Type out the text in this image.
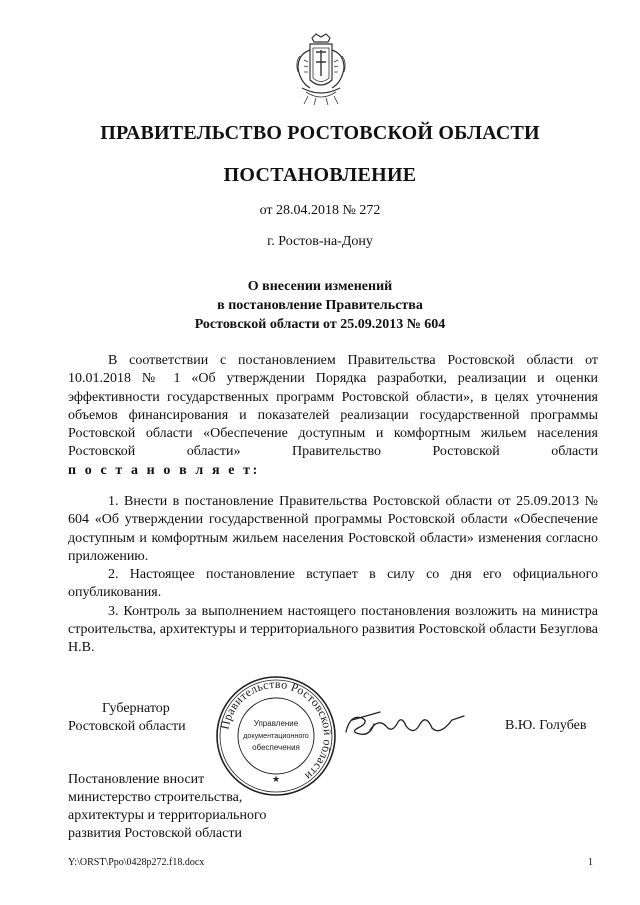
ПРАВИТЕЛЬСТВО РОСТОВСКОЙ ОБЛАСТИ
ПОСТАНОВЛЕНИЕ
от 28.04.2018 № 272
г. Ростов-на-Дону
О внесении изменений
в постановление Правительства
Ростовской области от 25.09.2013 № 604

В соответствии с постановлением Правительства Ростовской области от 10.01.2018 № 1 «Об утверждении Порядка разработки, реализации и оценки эффективности государственных программ Ростовской области», в целях уточнения объемов финансирования и показателей реализации государственной программы Ростовской области «Обеспечение доступным и комфортным жильем населения Ростовской области» Правительство Ростовской области

п о с т а н о в л я е т:

1. Внести в постановление Правительства Ростовской области от 25.09.2013 № 604 «Об утверждении государственной программы Ростовской области «Обеспечение доступным и комфортным жильем населения Ростовской области» изменения согласно приложению.

2. Настоящее постановление вступает в силу со дня его официального опубликования.

3. Контроль за выполнением настоящего постановления возложить на министра строительства, архитектуры и территориального развития Ростовской области Безуглова Н.В.

Правительство Ростовской области
Управление
документационного
обеспечения
★
Губернатор
Ростовской области	В.Ю. Голубев
Постановление вносит
министерство строительства,
архитектуры и территориального
развития Ростовской области
Y:\ORST\Ppo\0428p272.f18.docx	1
